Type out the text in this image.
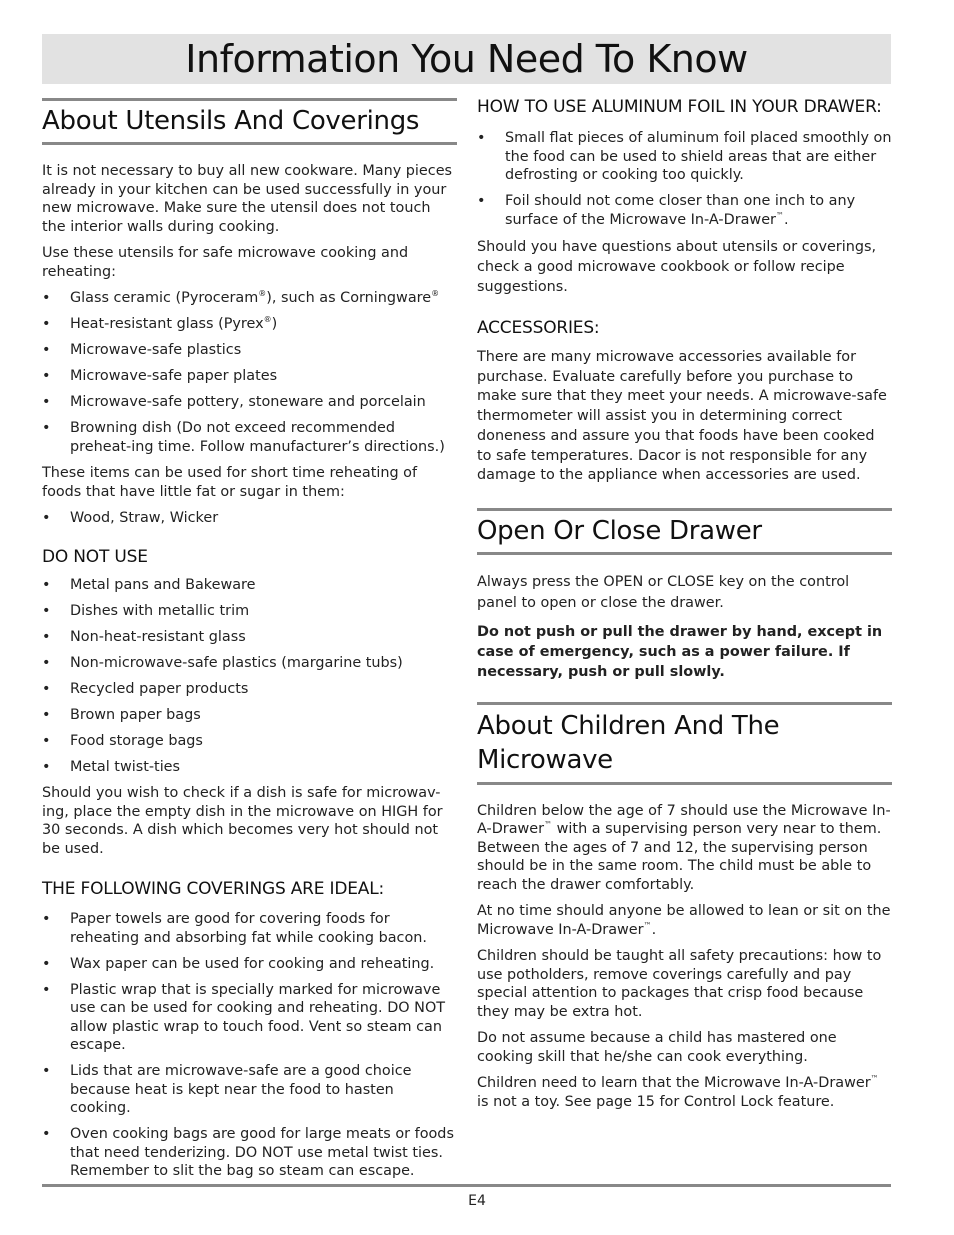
Information You Need To Know
About Utensils And Coverings

It is not necessary to buy all new cookware. Many pieces already in your kitchen can be used successfully in your new microwave. Make sure the utensil does not touch the interior walls during cooking.

Use these utensils for safe microwave cooking and reheating:

• Glass ceramic (Pyroceram®), such as Corningware®
• Heat-resistant glass (Pyrex®)
• Microwave-safe plastics
• Microwave-safe paper plates
• Microwave-safe pottery, stoneware and porcelain
• Browning dish (Do not exceed recommended preheat-ing time. Follow manufacturer’s directions.)

These items can be used for short time reheating of foods that have little fat or sugar in them:

• Wood, Straw, Wicker
DO NOT USE
• Metal pans and Bakeware
• Dishes with metallic trim
• Non-heat-resistant glass
• Non-microwave-safe plastics (margarine tubs)
• Recycled paper products
• Brown paper bags
• Food storage bags
• Metal twist-ties

Should you wish to check if a dish is safe for microwav-ing, place the empty dish in the microwave on HIGH for 30 seconds. A dish which becomes very hot should not be used.

THE FOLLOWING COVERINGS ARE IDEAL:
• Paper towels are good for covering foods for reheating and absorbing fat while cooking bacon.
• Wax paper can be used for cooking and reheating.
• Plastic wrap that is specially marked for microwave use can be used for cooking and reheating. DO NOT allow plastic wrap to touch food. Vent so steam can escape.
• Lids that are microwave-safe are a good choice because heat is kept near the food to hasten cooking.
• Oven cooking bags are good for large meats or foods that need tenderizing. DO NOT use metal twist ties. Remember to slit the bag so steam can escape.
HOW TO USE ALUMINUM FOIL IN YOUR DRAWER:
• Small flat pieces of aluminum foil placed smoothly on the food can be used to shield areas that are either defrosting or cooking too quickly.
• Foil should not come closer than one inch to any surface of the Microwave In-A-Drawer™.

Should you have questions about utensils or coverings, check a good microwave cookbook or follow recipe suggestions.

ACCESSORIES:

There are many microwave accessories available for purchase. Evaluate carefully before you purchase to make sure that they meet your needs. A microwave-safe thermometer will assist you in determining correct doneness and assure you that foods have been cooked to safe temperatures. Dacor is not responsible for any damage to the appliance when accessories are used.

Open Or Close Drawer

Always press the OPEN or CLOSE key on the control panel to open or close the drawer.

Do not push or pull the drawer by hand, except in case of emergency, such as a power failure. If necessary, push or pull slowly.

About Children And The Microwave

Children below the age of 7 should use the Microwave In-A-Drawer™ with a supervising person very near to them. Between the ages of 7 and 12, the supervising person should be in the same room. The child must be able to reach the drawer comfortably.

At no time should anyone be allowed to lean or sit on the Microwave In-A-Drawer™.

Children should be taught all safety precautions: how to use potholders, remove coverings carefully and pay special attention to packages that crisp food because they may be extra hot.

Do not assume because a child has mastered one cooking skill that he/she can cook everything.

Children need to learn that the Microwave In-A-Drawer™ is not a toy. See page 15 for Control Lock feature.

E4
